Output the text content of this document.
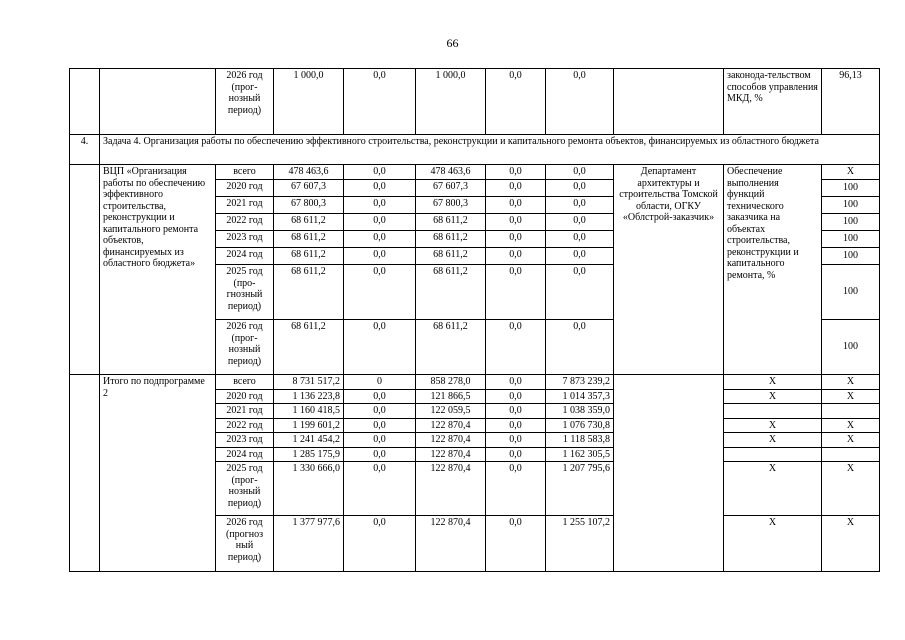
66
		2026 год (прог-нозный период)	1 000,0	0,0	1 000,0	0,0	0,0		законода-тельством способов управления МКД, %	96,13
4.	Задача 4. Организация работы по обеспечению эффективного строительства, реконструкции и капитального ремонта объектов, финансируемых из областного бюджета									
	ВЦП «Организация работы по обеспечению эффективного строительства, реконструкции и капитального ремонта объектов, финансируемых из областного бюджета»	всего	478 463,6	0,0	478 463,6	0,0	0,0	Департамент архитектуры и строительства Томской области, ОГКУ «Облстрой-заказчик»	Обеспечение выполнения функций технического заказчика на объектах строительства, реконструкции и капитального ремонта, %	X
		2020 год	67 607,3	0,0	67 607,3	0,0	0,0			100
		2021 год	67 800,3	0,0	67 800,3	0,0	0,0			100
		2022 год	68 611,2	0,0	68 611,2	0,0	0,0			100
		2023 год	68 611,2	0,0	68 611,2	0,0	0,0			100
		2024 год	68 611,2	0,0	68 611,2	0,0	0,0			100
		2025 год (про-гнозный период)	68 611,2	0,0	68 611,2	0,0	0,0			100
		2026 год (прог-нозный период)	68 611,2	0,0	68 611,2	0,0	0,0			100
	Итого по подпрограмме 2	всего	8 731 517,2	0	858 278,0	0,0	7 873 239,2		X	X
		2020 год	1 136 223,8	0,0	121 866,5	0,0	1 014 357,3		X	X
		2021 год	1 160 418,5	0,0	122 059,5	0,0	1 038 359,0			
		2022 год	1 199 601,2	0,0	122 870,4	0,0	1 076 730,8		X	X
		2023 год	1 241 454,2	0,0	122 870,4	0,0	1 118 583,8		X	X
		2024 год	1 285 175,9	0,0	122 870,4	0,0	1 162 305,5			
		2025 год (прог-нозный период)	1 330 666,0	0,0	122 870,4	0,0	1 207 795,6		X	X
		2026 год (прогноз ный период)	1 377 977,6	0,0	122 870,4	0,0	1 255 107,2		X	X
